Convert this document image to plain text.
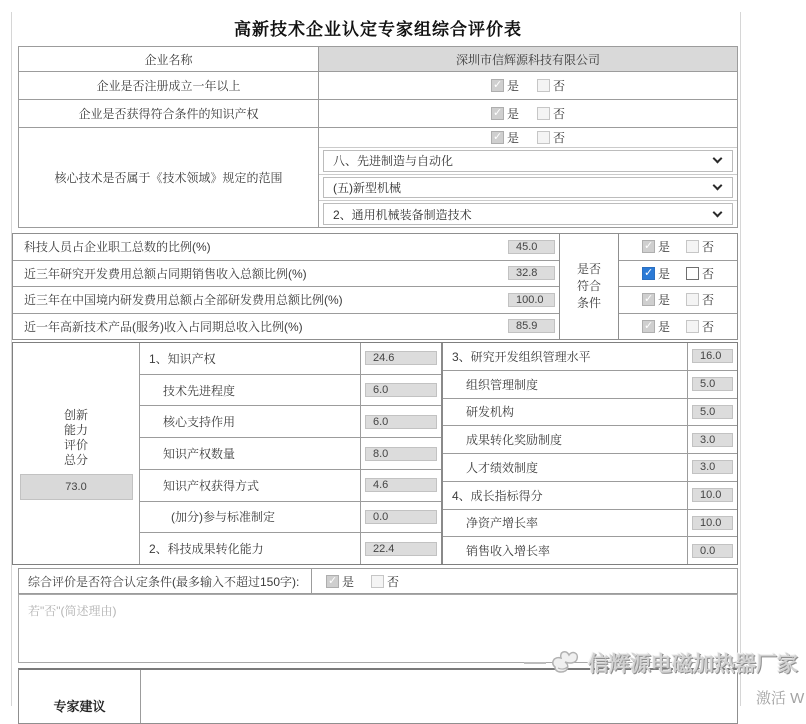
高新技术企业认定专家组综合评价表
企业名称	深圳市信辉源科技有限公司
企业是否注册成立一年以上 ✓	是	否
企业是否获得符合条件的知识产权 ✓	是	否
核心技术是否属于《技术领域》规定的范围
✓
是	否
八、先进制造与自动化
(五)新型机械
2、通用机械装备制造技术
科技人员占企业职工总数的比例(%)	45.0
近三年研究开发费用总额占同期销售收入总额比例(%)	32.8
近三年在中国境内研发费用总额占全部研发费用总额比例(%)	100.0
近一年高新技术产品(服务)收入占同期总收入比例(%)	85.9
是否
符合
条件
✓
是	否
✓
是	否
✓
是	否
✓
是	否
创新
能力
评价
总分
73.0
1、知识产权	24.6
技术先进程度	6.0
核心支持作用	6.0
知识产权数量	8.0
知识产权获得方式	4.6
(加分)参与标准制定	0.0
2、科技成果转化能力	22.4
3、研究开发组织管理水平	16.0
组织管理制度	5.0
研发机构	5.0
成果转化奖励制度	3.0
人才绩效制度	3.0
4、成长指标得分	10.0
净资产增长率	10.0
销售收入增长率	0.0
综合评价是否符合认定条件(最多输入不超过150字): ✓	是	否
若"否"(简述理由)
专家建议
信辉源电磁加热器厂家
激活 W
